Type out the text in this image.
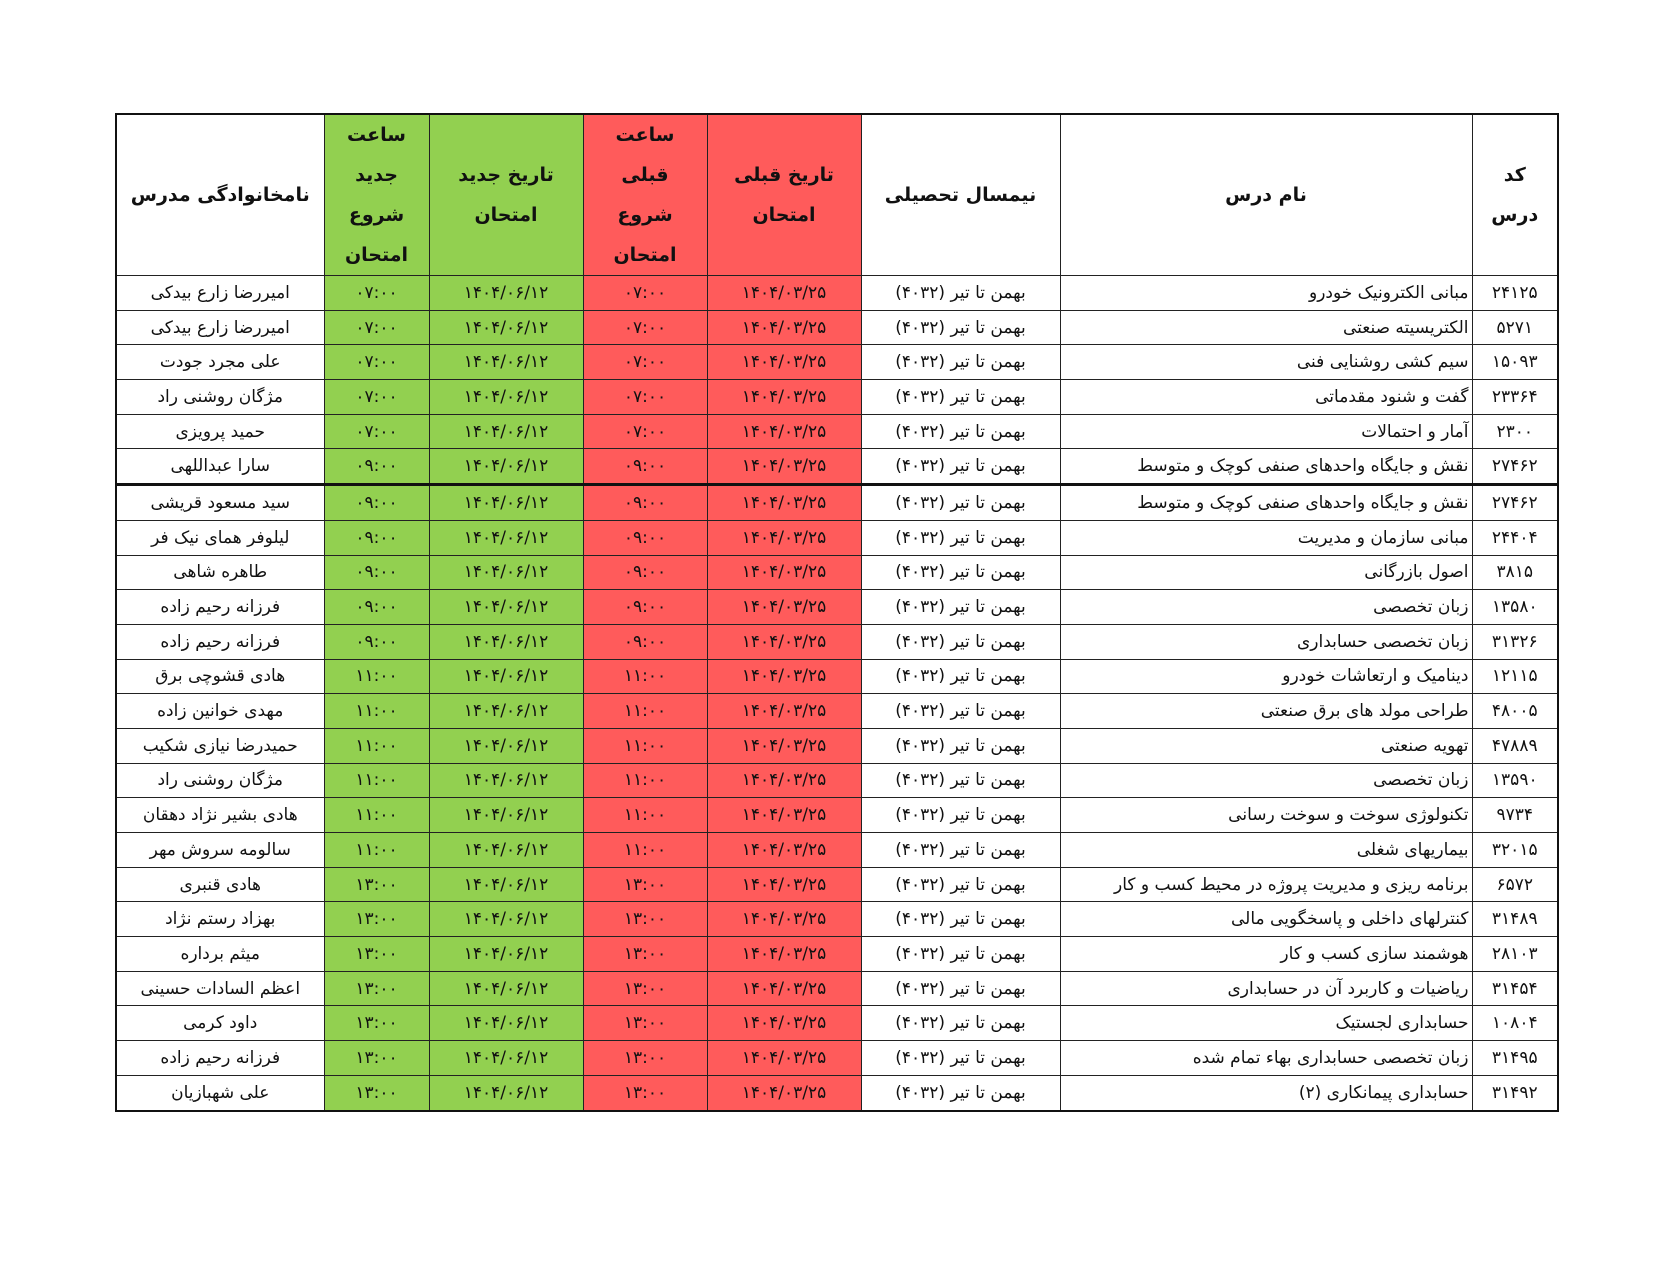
کد درس	نام درس	نیمسال تحصیلی	تاریخ قبلی امتحان	ساعت قبلی شروع امتحان	تاریخ جدید امتحان	ساعت جدید شروع امتحان	نامخانوادگی مدرس
۲۴۱۲۵	مبانی الکترونیک خودرو	بهمن تا تیر (۴۰۳۲)	۱۴۰۴/۰۳/۲۵	۰۷:۰۰	۱۴۰۴/۰۶/۱۲	۰۷:۰۰	امیررضا زارع بیدکی
۵۲۷۱	الکتریسیته صنعتی	بهمن تا تیر (۴۰۳۲)	۱۴۰۴/۰۳/۲۵	۰۷:۰۰	۱۴۰۴/۰۶/۱۲	۰۷:۰۰	امیررضا زارع بیدکی
۱۵۰۹۳	سیم کشی روشنایی فنی	بهمن تا تیر (۴۰۳۲)	۱۴۰۴/۰۳/۲۵	۰۷:۰۰	۱۴۰۴/۰۶/۱۲	۰۷:۰۰	علی مجرد جودت
۲۳۳۶۴	گفت و شنود مقدماتی	بهمن تا تیر (۴۰۳۲)	۱۴۰۴/۰۳/۲۵	۰۷:۰۰	۱۴۰۴/۰۶/۱۲	۰۷:۰۰	مژگان روشنی راد
۲۳۰۰	آمار و احتمالات	بهمن تا تیر (۴۰۳۲)	۱۴۰۴/۰۳/۲۵	۰۷:۰۰	۱۴۰۴/۰۶/۱۲	۰۷:۰۰	حمید پرویزی
۲۷۴۶۲	نقش و جایگاه واحدهای صنفی کوچک و متوسط	بهمن تا تیر (۴۰۳۲)	۱۴۰۴/۰۳/۲۵	۰۹:۰۰	۱۴۰۴/۰۶/۱۲	۰۹:۰۰	سارا عبداللهی
۲۷۴۶۲	نقش و جایگاه واحدهای صنفی کوچک و متوسط	بهمن تا تیر (۴۰۳۲)	۱۴۰۴/۰۳/۲۵	۰۹:۰۰	۱۴۰۴/۰۶/۱۲	۰۹:۰۰	سید مسعود قریشی
۲۴۴۰۴	مبانی سازمان و مدیریت	بهمن تا تیر (۴۰۳۲)	۱۴۰۴/۰۳/۲۵	۰۹:۰۰	۱۴۰۴/۰۶/۱۲	۰۹:۰۰	لیلوفر همای نیک فر
۳۸۱۵	اصول بازرگانی	بهمن تا تیر (۴۰۳۲)	۱۴۰۴/۰۳/۲۵	۰۹:۰۰	۱۴۰۴/۰۶/۱۲	۰۹:۰۰	طاهره شاهی
۱۳۵۸۰	زبان تخصصی	بهمن تا تیر (۴۰۳۲)	۱۴۰۴/۰۳/۲۵	۰۹:۰۰	۱۴۰۴/۰۶/۱۲	۰۹:۰۰	فرزانه رحیم زاده
۳۱۳۲۶	زبان تخصصی حسابداری	بهمن تا تیر (۴۰۳۲)	۱۴۰۴/۰۳/۲۵	۰۹:۰۰	۱۴۰۴/۰۶/۱۲	۰۹:۰۰	فرزانه رحیم زاده
۱۲۱۱۵	دینامیک و ارتعاشات خودرو	بهمن تا تیر (۴۰۳۲)	۱۴۰۴/۰۳/۲۵	۱۱:۰۰	۱۴۰۴/۰۶/۱۲	۱۱:۰۰	هادی قشوچی برق
۴۸۰۰۵	طراحی مولد های برق صنعتی	بهمن تا تیر (۴۰۳۲)	۱۴۰۴/۰۳/۲۵	۱۱:۰۰	۱۴۰۴/۰۶/۱۲	۱۱:۰۰	مهدی خوانین زاده
۴۷۸۸۹	تهویه صنعتی	بهمن تا تیر (۴۰۳۲)	۱۴۰۴/۰۳/۲۵	۱۱:۰۰	۱۴۰۴/۰۶/۱۲	۱۱:۰۰	حمیدرضا نیازی شکیب
۱۳۵۹۰	زبان تخصصی	بهمن تا تیر (۴۰۳۲)	۱۴۰۴/۰۳/۲۵	۱۱:۰۰	۱۴۰۴/۰۶/۱۲	۱۱:۰۰	مژگان روشنی راد
۹۷۳۴	تکنولوژی سوخت و سوخت رسانی	بهمن تا تیر (۴۰۳۲)	۱۴۰۴/۰۳/۲۵	۱۱:۰۰	۱۴۰۴/۰۶/۱۲	۱۱:۰۰	هادی بشیر نژاد دهقان
۳۲۰۱۵	بیماریهای شغلی	بهمن تا تیر (۴۰۳۲)	۱۴۰۴/۰۳/۲۵	۱۱:۰۰	۱۴۰۴/۰۶/۱۲	۱۱:۰۰	سالومه سروش مهر
۶۵۷۲	برنامه ریزی و مدیریت پروژه در محیط کسب و کار	بهمن تا تیر (۴۰۳۲)	۱۴۰۴/۰۳/۲۵	۱۳:۰۰	۱۴۰۴/۰۶/۱۲	۱۳:۰۰	هادی قنبری
۳۱۴۸۹	کنترلهای داخلی و پاسخگویی مالی	بهمن تا تیر (۴۰۳۲)	۱۴۰۴/۰۳/۲۵	۱۳:۰۰	۱۴۰۴/۰۶/۱۲	۱۳:۰۰	بهزاد رستم نژاد
۲۸۱۰۳	هوشمند سازی کسب و کار	بهمن تا تیر (۴۰۳۲)	۱۴۰۴/۰۳/۲۵	۱۳:۰۰	۱۴۰۴/۰۶/۱۲	۱۳:۰۰	میثم برداره
۳۱۴۵۴	ریاضیات و کاربرد آن در حسابداری	بهمن تا تیر (۴۰۳۲)	۱۴۰۴/۰۳/۲۵	۱۳:۰۰	۱۴۰۴/۰۶/۱۲	۱۳:۰۰	اعظم السادات حسینی
۱۰۸۰۴	حسابداری لجستیک	بهمن تا تیر (۴۰۳۲)	۱۴۰۴/۰۳/۲۵	۱۳:۰۰	۱۴۰۴/۰۶/۱۲	۱۳:۰۰	داود کرمی
۳۱۴۹۵	زبان تخصصی حسابداری بهاء تمام شده	بهمن تا تیر (۴۰۳۲)	۱۴۰۴/۰۳/۲۵	۱۳:۰۰	۱۴۰۴/۰۶/۱۲	۱۳:۰۰	فرزانه رحیم زاده
۳۱۴۹۲	حسابداری پیمانکاری (۲)	بهمن تا تیر (۴۰۳۲)	۱۴۰۴/۰۳/۲۵	۱۳:۰۰	۱۴۰۴/۰۶/۱۲	۱۳:۰۰	علی شهبازیان
